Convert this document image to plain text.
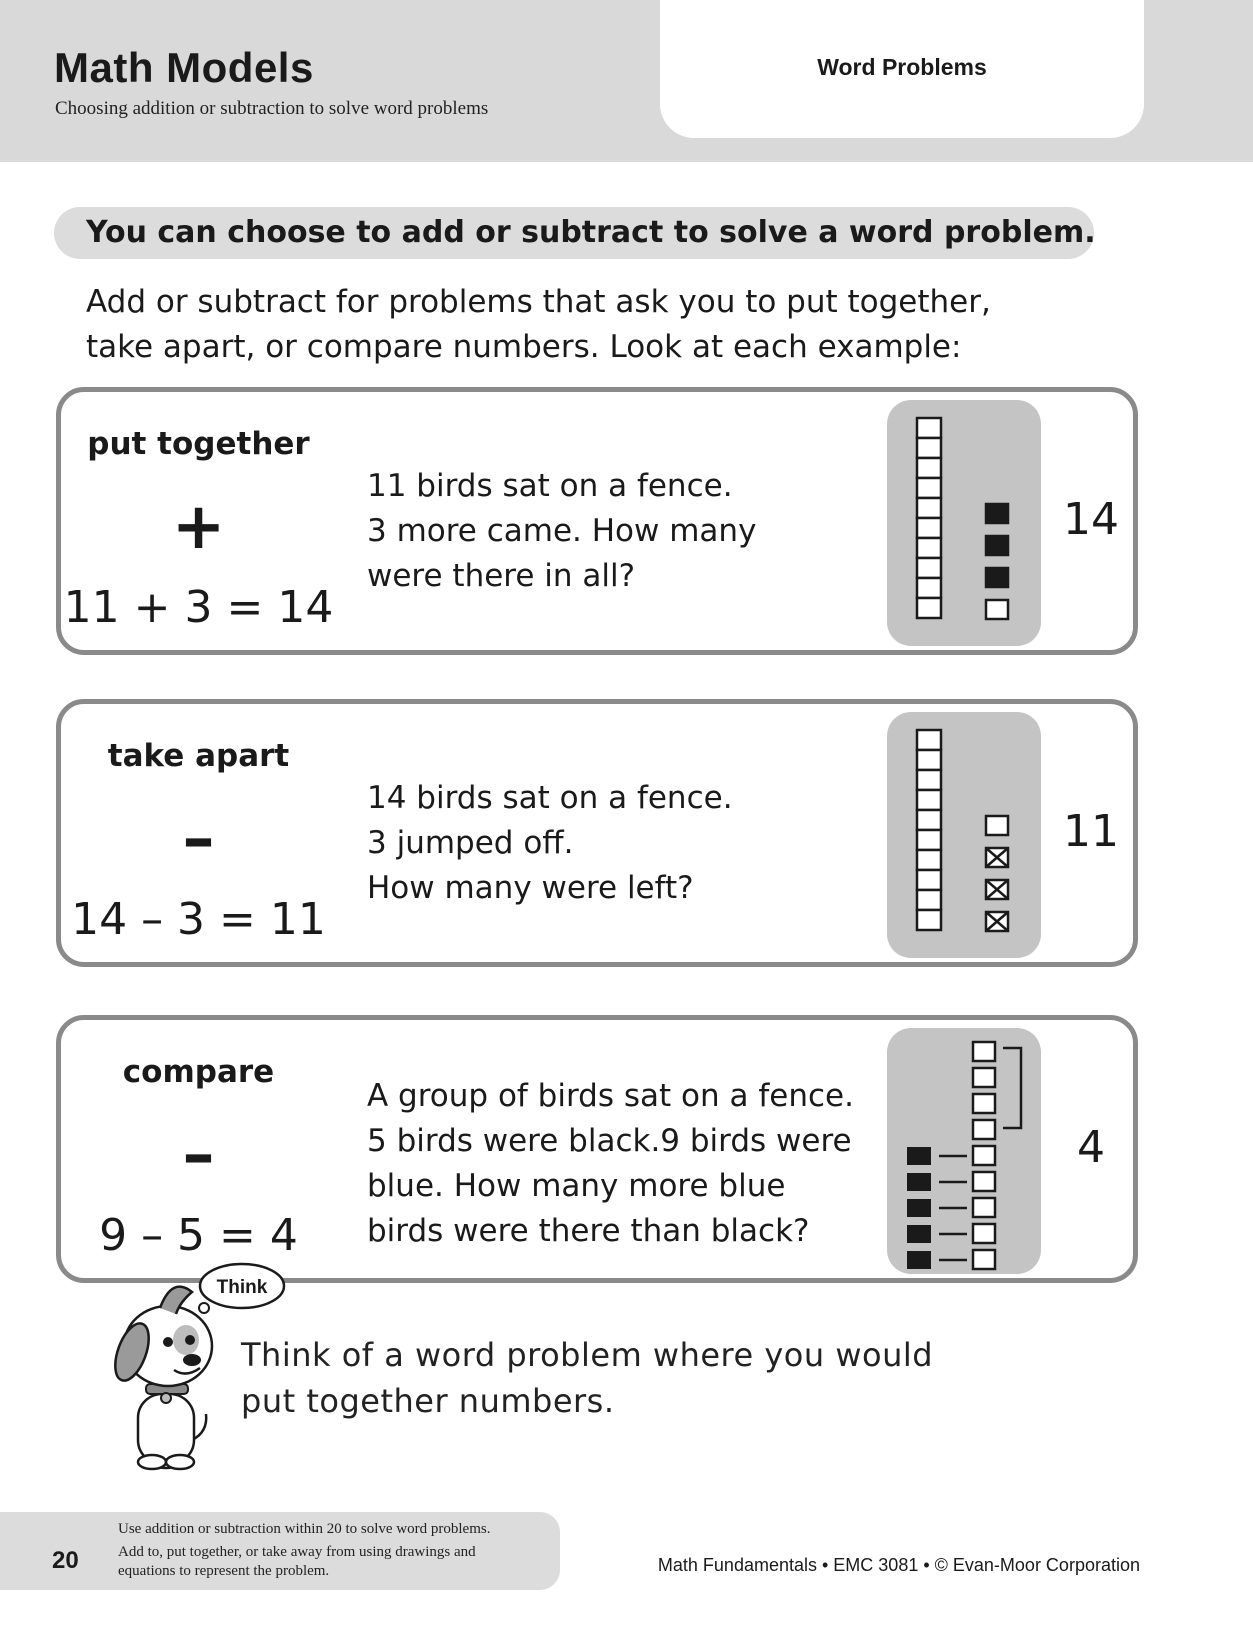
Math Models
Choosing addition or subtraction to solve word problems
Word Problems
You can choose to add or subtract to solve a word problem.
Add or subtract for problems that ask you to put together,
take apart, or compare numbers. Look at each example:
put together
+
11 + 3 = 14
11 birds sat on a fence.
3 more came. How many
were there in all?
14
take apart
–
14 – 3 = 11
14 birds sat on a fence.
3 jumped off.
How many were left?
11
compare
–
9 – 5 = 4
A group of birds sat on a fence.
5 birds were black.9 birds were
blue. How many more blue
birds were there than black?
4
Think
Think of a word problem where you would
put together numbers.
20
Use addition or subtraction within 20 to solve word problems.
Add to, put together, or take away from using drawings and
equations to represent the problem.	Math Fundamentals • EMC 3081 • © Evan-Moor Corporation
